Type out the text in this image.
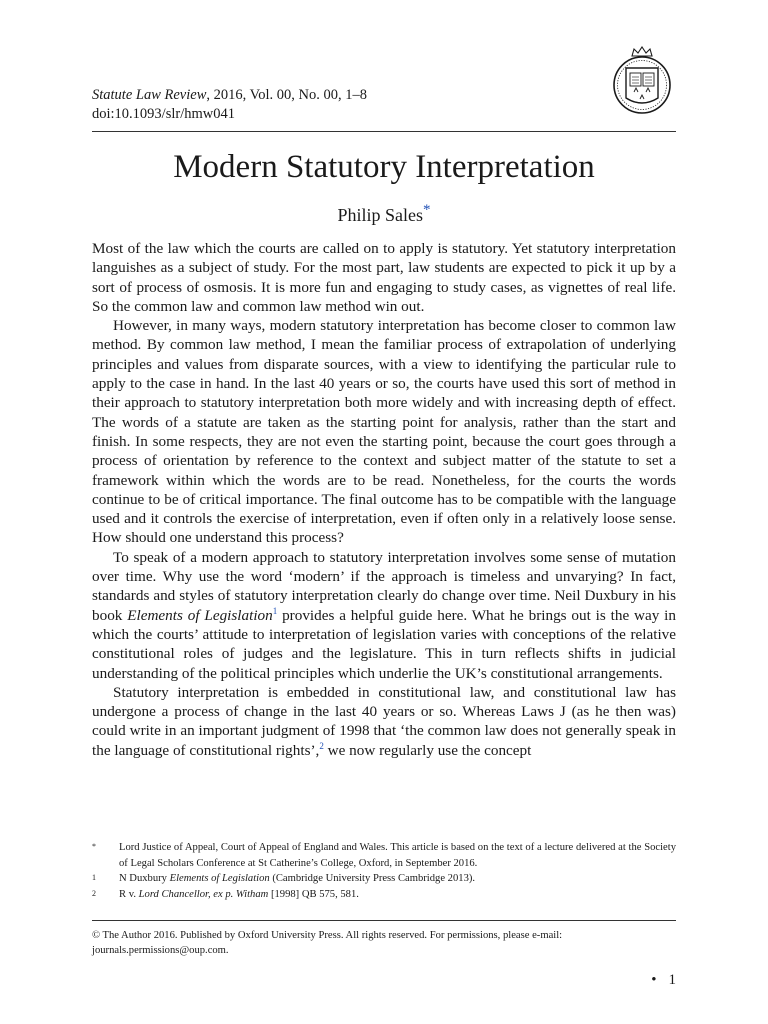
Statute Law Review, 2016, Vol. 00, No. 00, 1–8
doi:10.1093/slr/hmw041
Modern Statutory Interpretation
Philip Sales*

Most of the law which the courts are called on to apply is statutory. Yet statutory interpretation languishes as a subject of study. For the most part, law students are expected to pick it up by a sort of process of osmosis. It is more fun and engaging to study cases, as vignettes of real life. So the common law and common law method win out.

However, in many ways, modern statutory interpretation has become closer to common law method. By common law method, I mean the familiar process of extrapolation of underlying principles and values from disparate sources, with a view to identifying the particular rule to apply to the case in hand. In the last 40 years or so, the courts have used this sort of method in their approach to statutory interpretation both more widely and with increasing depth of effect. The words of a statute are taken as the starting point for analysis, rather than the start and finish. In some respects, they are not even the starting point, because the court goes through a process of orientation by reference to the context and subject matter of the statute to set a framework within which the words are to be read. Nonetheless, for the courts the words continue to be of critical importance. The final outcome has to be compatible with the language used and it controls the exercise of interpretation, even if often only in a relatively loose sense. How should one understand this process?

To speak of a modern approach to statutory interpretation involves some sense of mutation over time. Why use the word ‘modern’ if the approach is timeless and unvarying? In fact, standards and styles of statutory interpretation clearly do change over time. Neil Duxbury in his book Elements of Legislation$^1$ provides a helpful guide here. What he brings out is the way in which the courts’ attitude to interpretation of legislation varies with conceptions of the relative constitutional roles of judges and the legislature. This in turn reflects shifts in judicial understanding of the political principles which underlie the UK’s constitutional arrangements.

Statutory interpretation is embedded in constitutional law, and constitutional law has undergone a process of change in the last 40 years or so. Whereas Laws J (as he then was) could write in an important judgment of 1998 that ‘the common law does not generally speak in the language of constitutional rights’,$^2$ we now regularly use the concept

* Lord Justice of Appeal, Court of Appeal of England and Wales. This article is based on the text of a lecture delivered at the Society of Legal Scholars Conference at St Catherine’s College, Oxford, in September 2016.
1 N Duxbury Elements of Legislation (Cambridge University Press Cambridge 2013).
2 R v. Lord Chancellor, ex p. Witham [1998] QB 575, 581.
© The Author 2016. Published by Oxford University Press. All rights reserved. For permissions, please e-mail: journals.permissions@oup.com.
• 1
